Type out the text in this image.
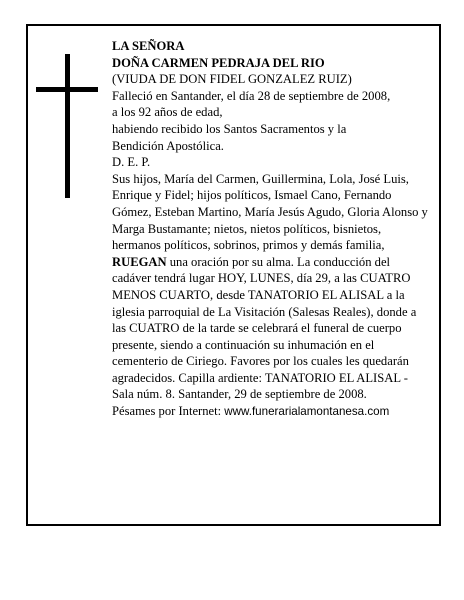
LA SEÑORA

DOÑA CARMEN PEDRAJA DEL RIO

(VIUDA DE DON FIDEL GONZALEZ RUIZ)

Falleció en Santander, el día 28 de septiembre de 2008,

a los 92 años de edad,

habiendo recibido los Santos Sacramentos y la

Bendición Apostólica.

D. E. P.

Sus hijos, María del Carmen, Guillermina, Lola, José Luis, Enrique y Fidel; hijos políticos, Ismael Cano, Fernando Gómez, Esteban Martino, María Jesús Agudo, Gloria Alonso y Marga Bustamante; nietos, nietos políticos, bisnietos, hermanos políticos, sobrinos, primos y demás familia,

RUEGAN una oración por su alma. La conducción del cadáver tendrá lugar HOY, LUNES, día 29, a las CUATRO MENOS CUARTO, desde TANATORIO EL ALISAL a la iglesia parroquial de La Visitación (Salesas Reales), donde a las CUATRO de la tarde se celebrará el funeral de cuerpo presente, siendo a continuación su inhumación en el cementerio de Ciriego. Favores por los cuales les quedarán agradecidos. Capilla ardiente: TANATORIO EL ALISAL - Sala núm. 8. Santander, 29 de septiembre de 2008.

Pésames por Internet: www.funerarialamontanesa.com
